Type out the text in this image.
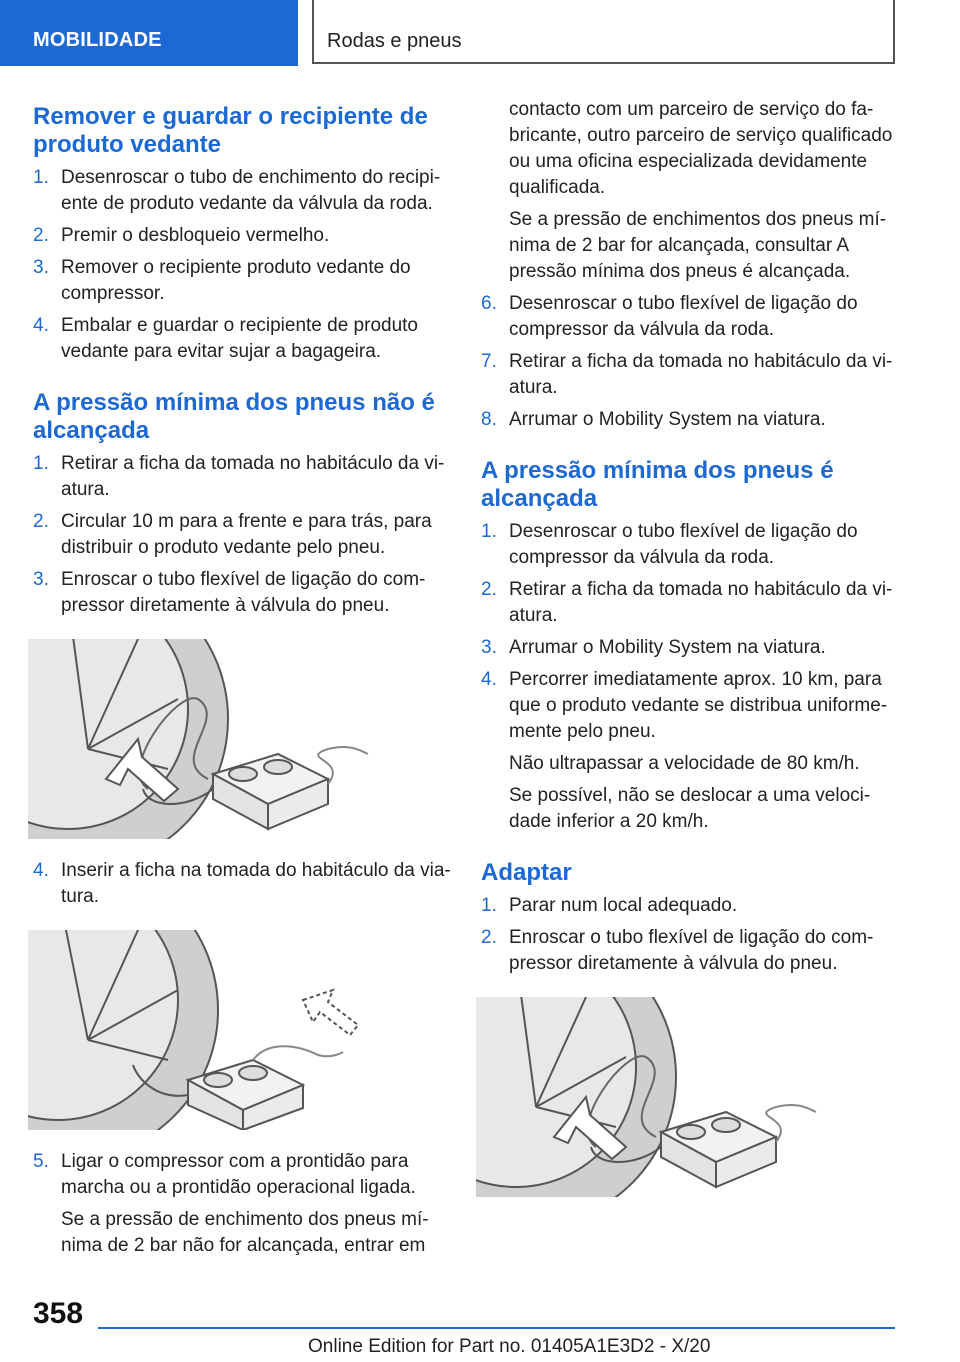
MOBILIDADE	Rodas e pneus
Remover e guardar o recipiente de produto vedante
1. Desenroscar o tubo de enchimento do recipi-ente de produto vedante da válvula da roda.
2. Premir o desbloqueio vermelho.
3. Remover o recipiente produto vedante do compressor.
4. Embalar e guardar o recipiente de produto vedante para evitar sujar a bagageira.
A pressão mínima dos pneus não é alcançada
1. Retirar a ficha da tomada no habitáculo da vi-atura.
2. Circular 10 m para a frente e para trás, para distribuir o produto vedante pelo pneu.
3. Enroscar o tubo flexível de ligação do com-pressor diretamente à válvula do pneu.
4. Inserir a ficha na tomada do habitáculo da via-tura.
5. Ligar o compressor com a prontidão para marcha ou a prontidão operacional ligada.

Se a pressão de enchimento dos pneus mí-nima de 2 bar não for alcançada, entrar em

contacto com um parceiro de serviço do fa-bricante, outro parceiro de serviço qualificado ou uma oficina especializada devidamente qualificada.

Se a pressão de enchimentos dos pneus mí-nima de 2 bar for alcançada, consultar A pressão mínima dos pneus é alcançada.

6. Desenroscar o tubo flexível de ligação do compressor da válvula da roda.
7. Retirar a ficha da tomada no habitáculo da vi-atura.
8. Arrumar o Mobility System na viatura.
A pressão mínima dos pneus é alcançada
1. Desenroscar o tubo flexível de ligação do compressor da válvula da roda.
2. Retirar a ficha da tomada no habitáculo da vi-atura.
3. Arrumar o Mobility System na viatura.
4. Percorrer imediatamente aprox. 10 km, para que o produto vedante se distribua uniforme-mente pelo pneu.

Não ultrapassar a velocidade de 80 km/h.

Se possível, não se deslocar a uma veloci-dade inferior a 20 km/h.

Adaptar
1. Parar num local adequado.
2. Enroscar o tubo flexível de ligação do com-pressor diretamente à válvula do pneu.
358
Online Edition for Part no. 01405A1E3D2 - X/20
